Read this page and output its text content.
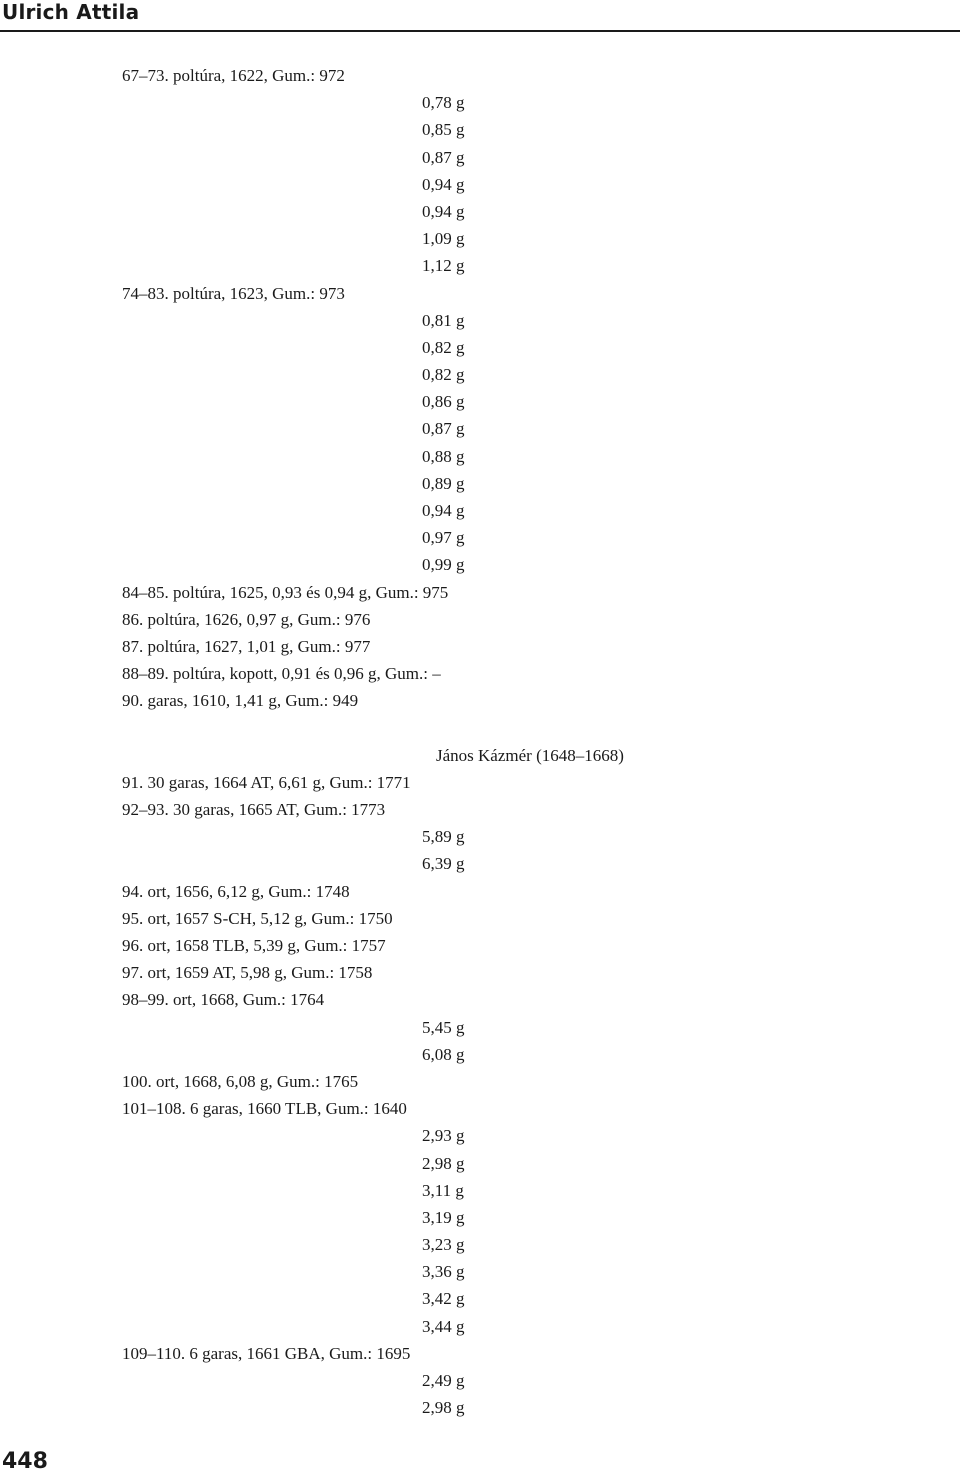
Ulrich Attila
67–73. poltúra, 1622, Gum.: 972
0,78 g
0,85 g
0,87 g
0,94 g
0,94 g
1,09 g
1,12 g
74–83. poltúra, 1623, Gum.: 973
0,81 g
0,82 g
0,82 g
0,86 g
0,87 g
0,88 g
0,89 g
0,94 g
0,97 g
0,99 g
84–85. poltúra, 1625, 0,93 és 0,94 g, Gum.: 975
86. poltúra, 1626, 0,97 g, Gum.: 976
87. poltúra, 1627, 1,01 g, Gum.: 977
88–89. poltúra, kopott, 0,91 és 0,96 g, Gum.: –
90. garas, 1610, 1,41 g, Gum.: 949
János Kázmér (1648–1668)
91. 30 garas, 1664 AT, 6,61 g, Gum.: 1771
92–93. 30 garas, 1665 AT, Gum.: 1773
5,89 g
6,39 g
94. ort, 1656, 6,12 g, Gum.: 1748
95. ort, 1657 S-CH, 5,12 g, Gum.: 1750
96. ort, 1658 TLB, 5,39 g, Gum.: 1757
97. ort, 1659 AT, 5,98 g, Gum.: 1758
98–99. ort, 1668, Gum.: 1764
5,45 g
6,08 g
100. ort, 1668, 6,08 g, Gum.: 1765
101–108. 6 garas, 1660 TLB, Gum.: 1640
2,93 g
2,98 g
3,11 g
3,19 g
3,23 g
3,36 g
3,42 g
3,44 g
109–110. 6 garas, 1661 GBA, Gum.: 1695
2,49 g
2,98 g
448
